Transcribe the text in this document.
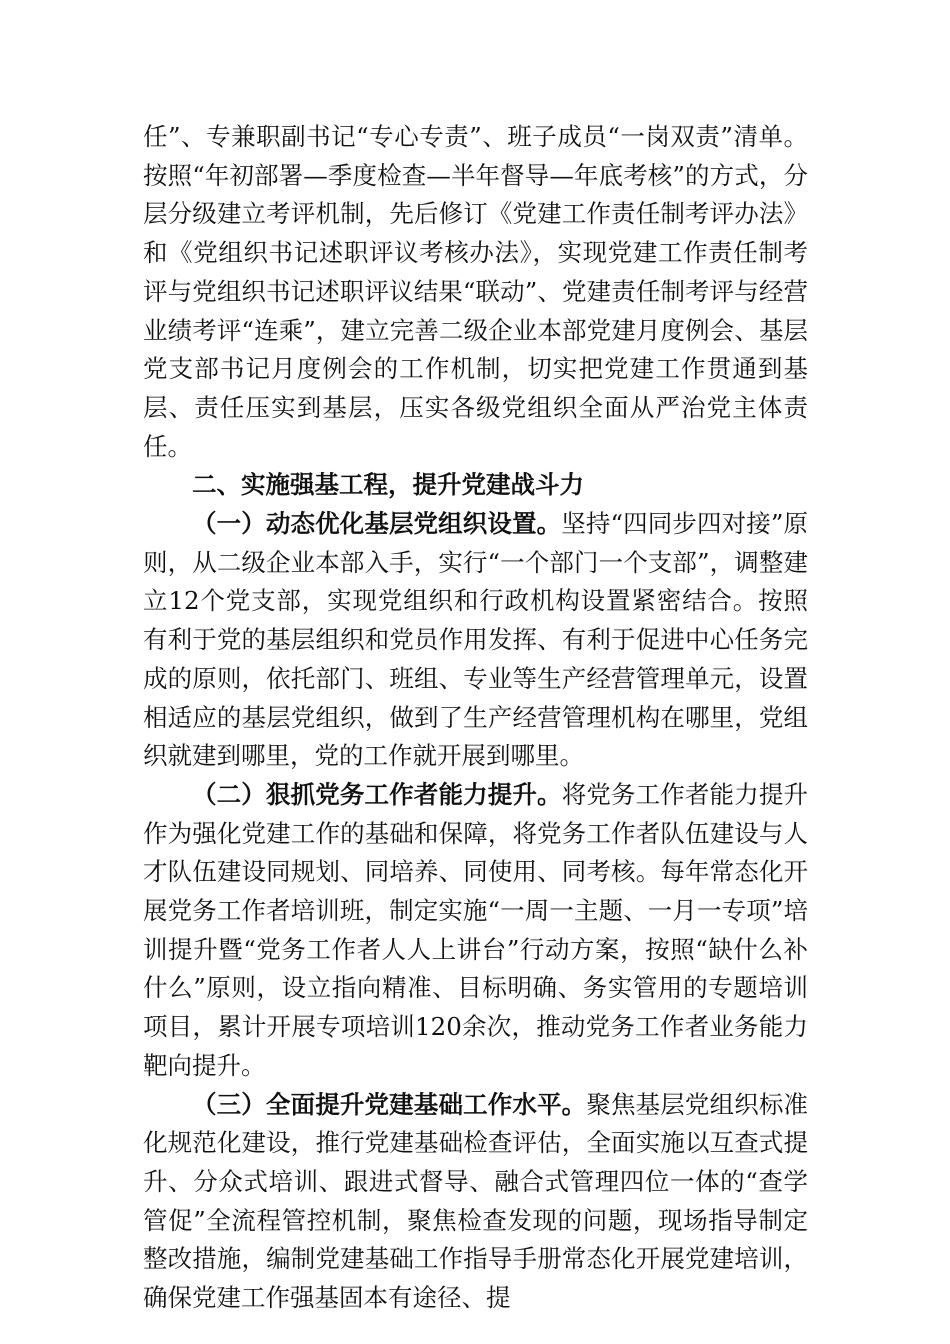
任”、专兼职副书记“专心专责”、班子成员“一岗双责”清单。按照“年初部署—季度检查—半年督导—年底考核”的方式，分层分级建立考评机制，先后修订《党建工作责任制考评办法》和《党组织书记述职评议考核办法》，实现党建工作责任制考评与党组织书记述职评议结果“联动”、党建责任制考评与经营业绩考评“连乘”，建立完善二级企业本部党建月度例会、基层党支部书记月度例会的工作机制，切实把党建工作贯通到基层、责任压实到基层，压实各级党组织全面从严治党主体责任。

二、实施强基工程，提升党建战斗力

（一）动态优化基层党组织设置。坚持“四同步四对接”原则，从二级企业本部入手，实行“一个部门一个支部”，调整建立12个党支部，实现党组织和行政机构设置紧密结合。按照有利于党的基层组织和党员作用发挥、有利于促进中心任务完成的原则，依托部门、班组、专业等生产经营管理单元，设置相适应的基层党组织，做到了生产经营管理机构在哪里，党组织就建到哪里，党的工作就开展到哪里。

（二）狠抓党务工作者能力提升。将党务工作者能力提升作为强化党建工作的基础和保障，将党务工作者队伍建设与人才队伍建设同规划、同培养、同使用、同考核。每年常态化开展党务工作者培训班，制定实施“一周一主题、一月一专项”培训提升暨“党务工作者人人上讲台”行动方案，按照“缺什么补什么”原则，设立指向精准、目标明确、务实管用的专题培训项目，累计开展专项培训120余次，推动党务工作者业务能力靶向提升。

（三）全面提升党建基础工作水平。聚焦基层党组织标准化规范化建设，推行党建基础检查评估，全面实施以互查式提升、分众式培训、跟进式督导、融合式管理四位一体的“查学管促”全流程管控机制，聚焦检查发现的问题，现场指导制定整改措施，编制党建基础工作指导手册常态化开展党建培训，确保党建工作强基固本有途径、提
